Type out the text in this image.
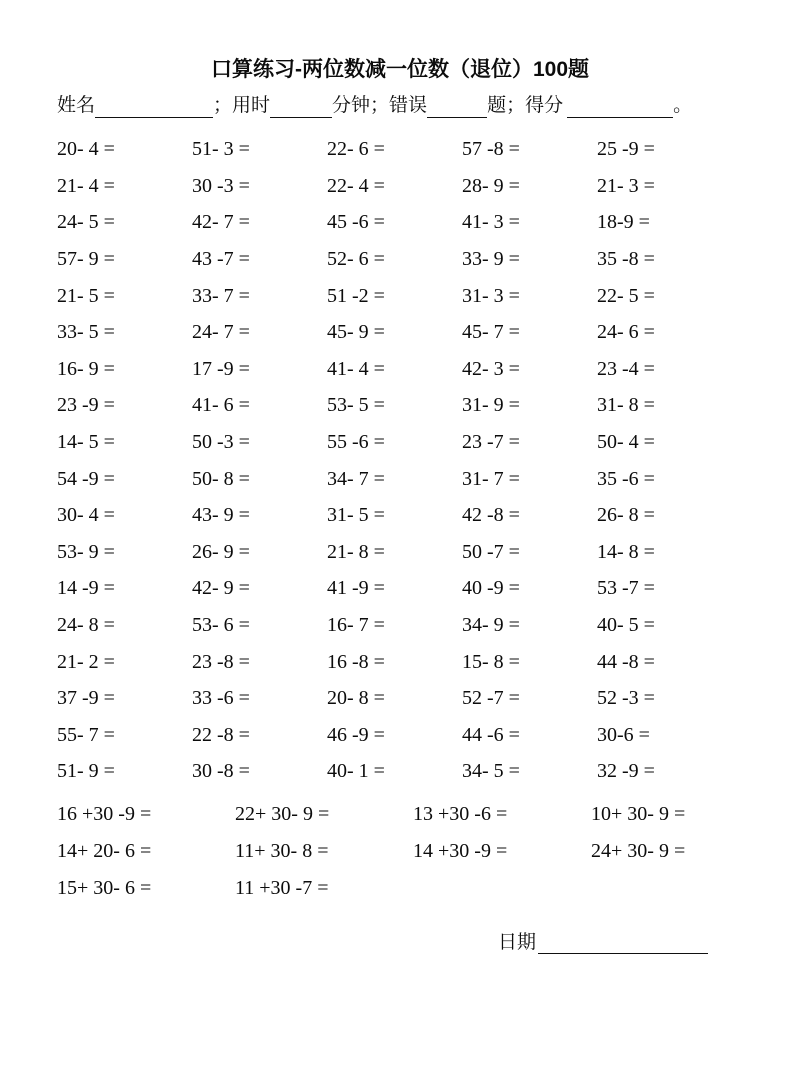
口算练习-两位数减一位数（退位）100题
姓名	；用时	分钟 ；错误	题 ；得分	。
20- 4 =	51- 3 =	22- 6 =	57 -8 =	25 -9 =
21- 4 =	30 -3 =	22- 4 =	28- 9 =	21- 3 =
24- 5 =	42- 7 =	45 -6 =	41- 3 =	18-9 =
57- 9 =	43 -7 =	52- 6 =	33- 9 =	35 -8 =
21- 5 =	33- 7 =	51 -2 =	31- 3 =	22- 5 =
33- 5 =	24- 7 =	45- 9 =	45- 7 =	24- 6 =
16- 9 =	17 -9 =	41- 4 =	42- 3 =	23 -4 =
23 -9 =	41- 6 =	53- 5 =	31- 9 =	31- 8 =
14- 5 =	50 -3 =	55 -6 =	23 -7 =	50- 4 =
54 -9 =	50- 8 =	34- 7 =	31- 7 =	35 -6 =
30- 4 =	43- 9 =	31- 5 =	42 -8 =	26- 8 =
53- 9 =	26- 9 =	21- 8 =	50 -7 =	14- 8 =
14 -9 =	42- 9 =	41 -9 =	40 -9 =	53 -7 =
24- 8 =	53- 6 =	16- 7 =	34- 9 =	40- 5 =
21- 2 =	23 -8 =	16 -8 =	15- 8 =	44 -8 =
37 -9 =	33 -6 =	20- 8 =	52 -7 =	52 -3 =
55- 7 =	22 -8 =	46 -9 =	44 -6 =	30-6 =
51- 9 =	30 -8 =	40- 1 =	34- 5 =	32 -9 =
16 +30 -9 =	22+ 30- 9 =	13 +30 -6 =	10+ 30- 9 =
14+ 20- 6 =	11+ 30- 8 =	14 +30 -9 =	24+ 30- 9 =
15+ 30- 6 =	11 +30 -7 =
日期
